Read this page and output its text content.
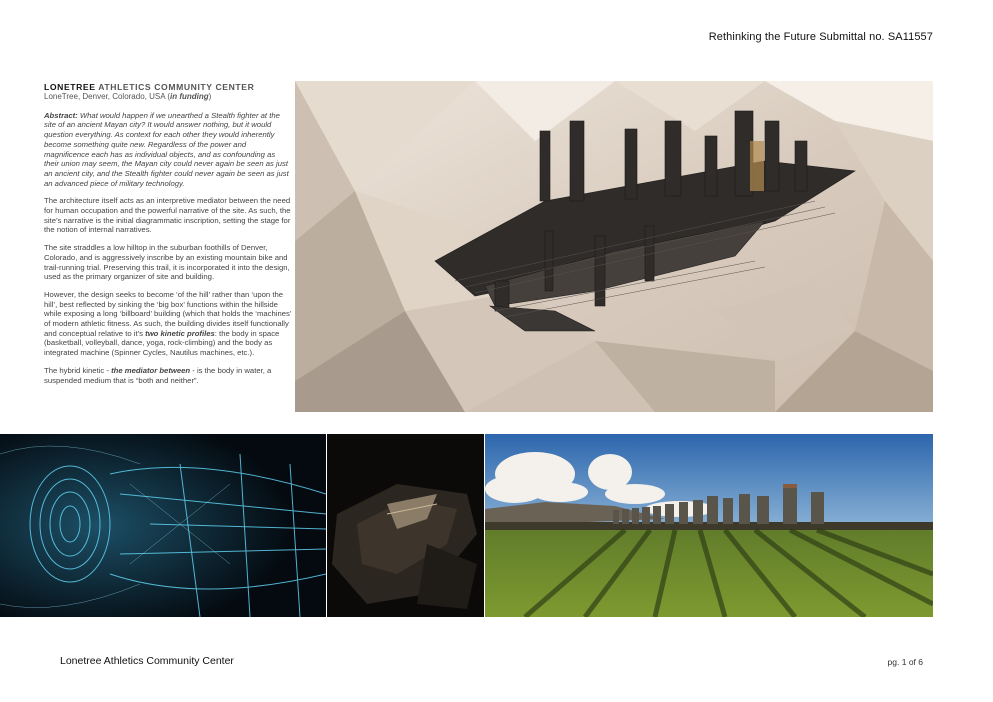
Rethinking the Future Submittal no. SA11557
LONETREE ATHLETICS COMMUNITY CENTER
LoneTree, Denver, Colorado, USA (in funding)

Abstract: What would happen if we unearthed a Stealth fighter at the site of an ancient Mayan city? It would answer nothing, but it would question everything. As context for each other they would inherently become something quite new. Regardless of the power and magnificence each has as individual objects, and as confounding as their union may seem, the Mayan city could never again be seen as just an ancient city, and the Stealth fighter could never again be seen as just an advanced piece of military technology.

The architecture itself acts as an interpretive mediator between the need for human occupation and the powerful narrative of the site. As such, the site’s narrative is the initial diagrammatic inscription, setting the stage for the notion of internal narratives.

The site straddles a low hilltop in the suburban foothills of Denver, Colorado, and is aggressively inscribe by an existing mountain bike and trail-running trial. Preserving this trail, it is incorporated it into the design, used as the primary organizer of site and building.

However, the design seeks to become ‘of the hill’ rather than ‘upon the hill’, best reflected by sinking the ‘big box’ functions within the hillside while exposing a long ‘billboard’ building (which that holds the ‘machines’ of modern athletic fitness. As such, the building divides itself functionally and conceptual relative to it’s two kinetic profiles: the body in space (basketball, volleyball, dance, yoga, rock-climbing) and the body as integrated machine (Spinner Cycles, Nautilus machines, etc.).

The hybrid kinetic - the mediator between - is the body in water, a suspended medium that is “both and neither”.

Lonetree Athletics Community Center	pg. 1 of 6
